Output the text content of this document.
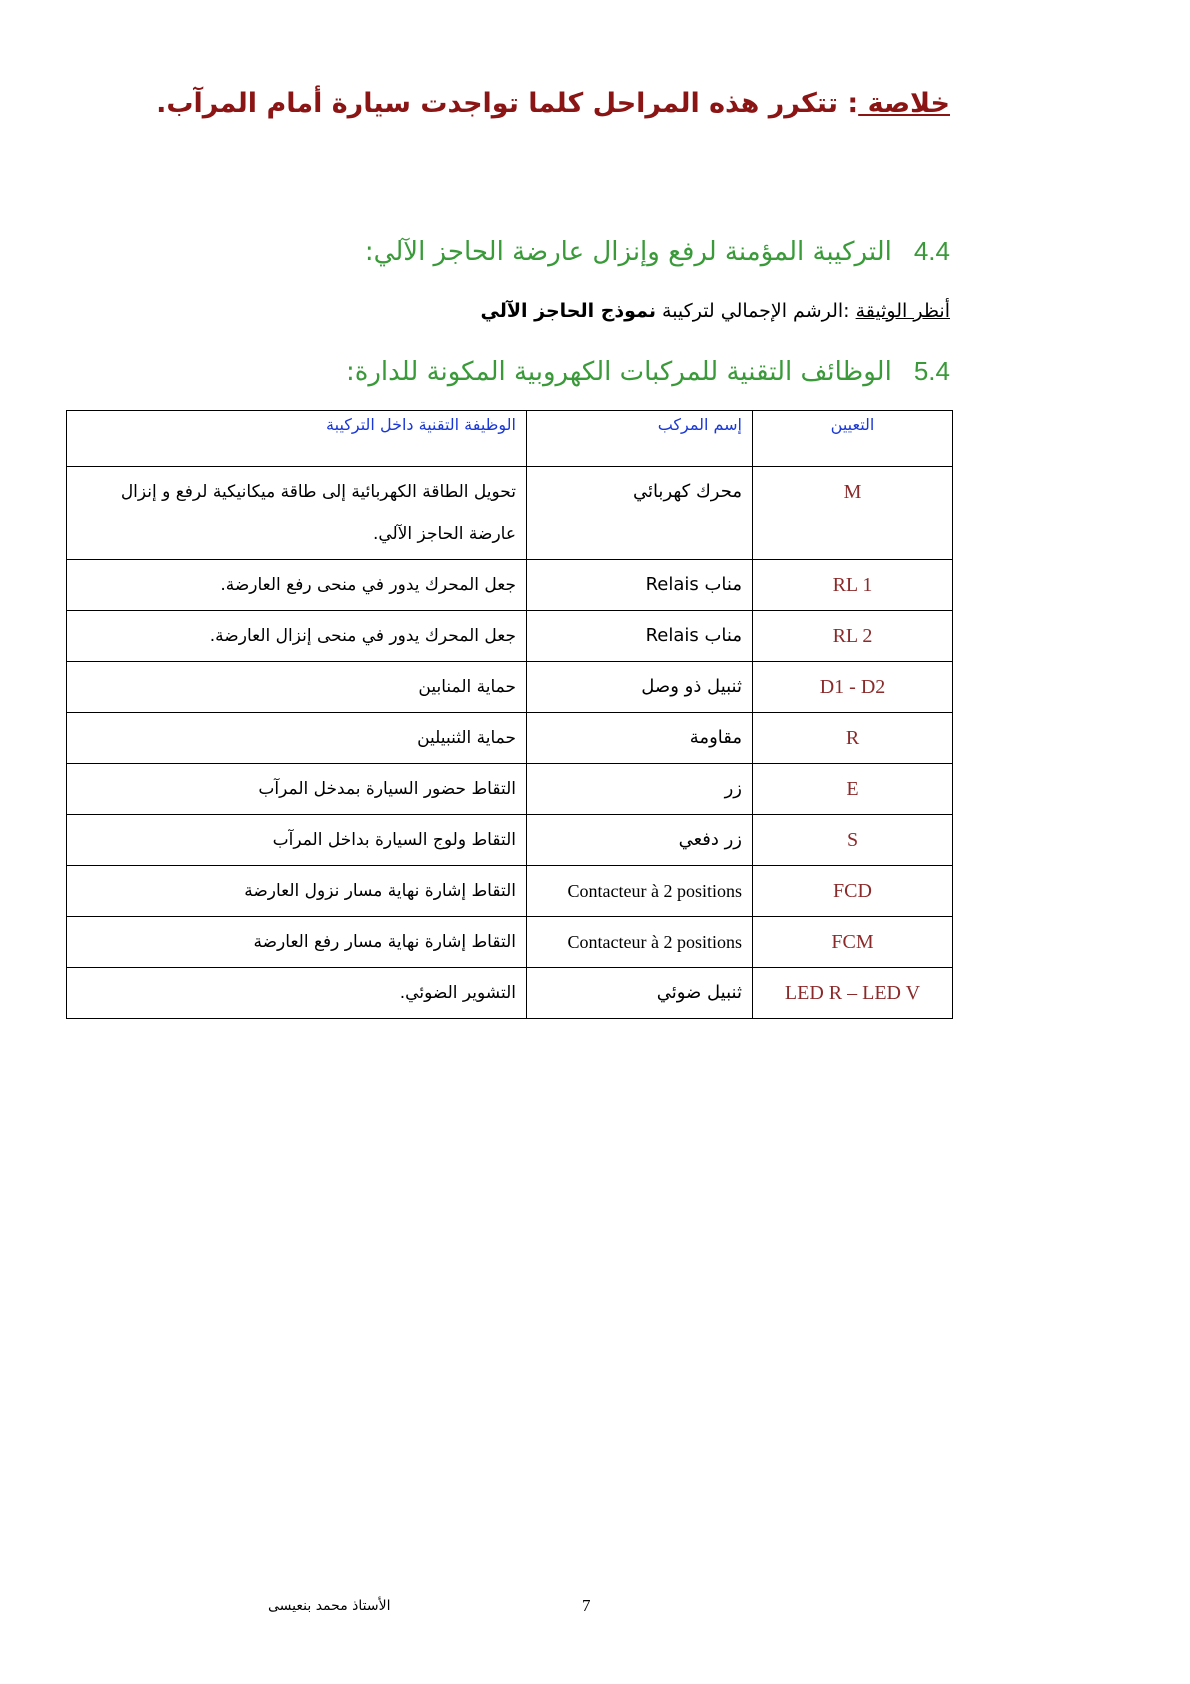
خلاصة : تتكرر هذه المراحل كلما تواجدت سيارة أمام المرآب.
4.4التركيبة المؤمنة لرفع وإنزال عارضة الحاجز الآلي:
أنظر الوثيقة :الرشم الإجمالي لتركيبة نموذج الحاجز الآلي
5.4الوظائف التقنية للمركبات الكهروبية المكونة للدارة:
التعيين	إسم المركب	الوظيفة التقنية داخل التركيبة
M	محرك كهربائي	تحويل الطاقة الكهربائية إلى طاقة ميكانيكية لرفع و إنزال عارضة الحاجز الآلي.
RL 1	مناب Relais	جعل المحرك يدور في منحى رفع العارضة.
RL 2	مناب Relais	جعل المحرك يدور في منحى إنزال العارضة.
D1 - D2	ثنبيل ذو وصل	حماية المنابين
R	مقاومة	حماية الثنبيلين
E	زر	التقاط حضور السيارة بمدخل المرآب
S	زر دفعي	التقاط ولوج السيارة بداخل المرآب
FCD	Contacteur à 2 positions	التقاط إشارة نهاية مسار نزول العارضة
FCM	Contacteur à 2 positions	التقاط إشارة نهاية مسار رفع العارضة
LED R – LED V	ثنبيل ضوئي	التشوير الضوئي.
الأستاذ محمد بنعيسى	7
